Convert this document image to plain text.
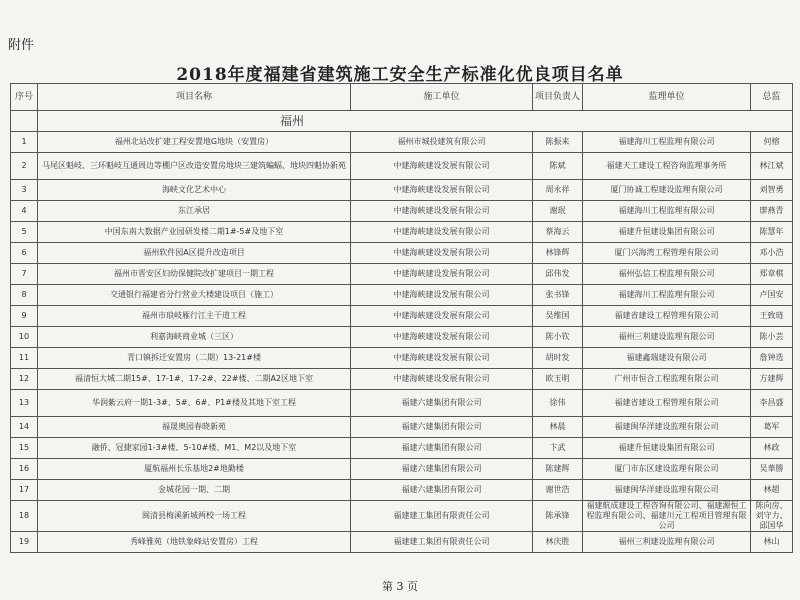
附件
2018年度福建省建筑施工安全生产标准化优良项目名单
序号	项目名称	施工单位	项目负责人	监理单位	总监
	福州				
1	福州北站改扩建工程安置地G地块（安置房）	福州市城投建筑有限公司	陈振来	福建海川工程监理有限公司	何榕
2	马尾区魁岐、三环魁岐互通周边等棚户区改造安置房地块三建筑蝙蝠、地块四魁协新苑	中建海峡建设发展有限公司	陈斌	福建天工建设工程咨询监理事务所	林江斌
3	海峡文化艺术中心	中建海峡建设发展有限公司	周永祥	厦门协诚工程建设监理有限公司	刘智勇
4	东江承居	中建海峡建设发展有限公司	谢珉	福建海川工程监理有限公司	廖燕青
5	中国东南大数据产业园研发楼二期1#-5#及地下室	中建海峡建设发展有限公司	蔡海云	福建升恒建设集团有限公司	陈慧年
6	福州软件园A区提升改造项目	中建海峡建设发展有限公司	林锋辉	厦门兴海湾工程管理有限公司	邓小浩
7	福州市晋安区妇幼保健院改扩建项目一期工程	中建海峡建设发展有限公司	邱伟发	福州弘信工程监理有限公司	郑章棋
8	交通银行福建省分行营业大楼建设项目（施工）	中建海峡建设发展有限公司	张书锋	福建海川工程监理有限公司	卢国安
9	福州市琅岐雁行江主干道工程	中建海峡建设发展有限公司	吴维国	福建省建设工程管理有限公司	王致琏
10	利嘉海峡商业城（三区）	中建海峡建设发展有限公司	陈小钦	福州三利建设监理有限公司	陈小芸
11	青口镇拆迁安置房（二期）13-21#楼	中建海峡建设发展有限公司	胡时发	福建鑫瑞建设有限公司	詹钟选
12	福清恒大城二期15#、17-1#、17-2#、22#楼、二期A2区地下室	中建海峡建设发展有限公司	欧玉明	广州市恒合工程监理有限公司	方建辉
13	华润紫云府一期1-3#、5#、6#、P1#楼及其地下室工程	福建六建集团有限公司	徐伟	福建省建设工程管理有限公司	李昌盛
14	福晟奥园春晓新苑	福建六建集团有限公司	林晨	福建闽华洋建设监理有限公司	葛军
15	融侨、冠捷家园1-3#楼、5-10#楼、M1、M2以及地下室	福建六建集团有限公司	卞武	福建升恒建设集团有限公司	林政
16	厦航福州长乐基地2#地勤楼	福建六建集团有限公司	陈建辉	厦门市东区建设监理有限公司	吴華勝
17	金城花园一期、二期	福建六建集团有限公司	谢世浩	福建闽华洋建设监理有限公司	林超
18	闽清县梅溪新城两校一场工程	福建建工集团有限责任公司	陈承锋	福建航成建设工程咨询有限公司、福建源恒工程监理有限公司、福建川元工程项目管理有限公司	陈向房、刘守力、邱国华
19	秀峰雅苑（地铁象峰站安置房）工程	福建建工集团有限责任公司	林庆胜	福州三利建设监理有限公司	林山
第 3 页
